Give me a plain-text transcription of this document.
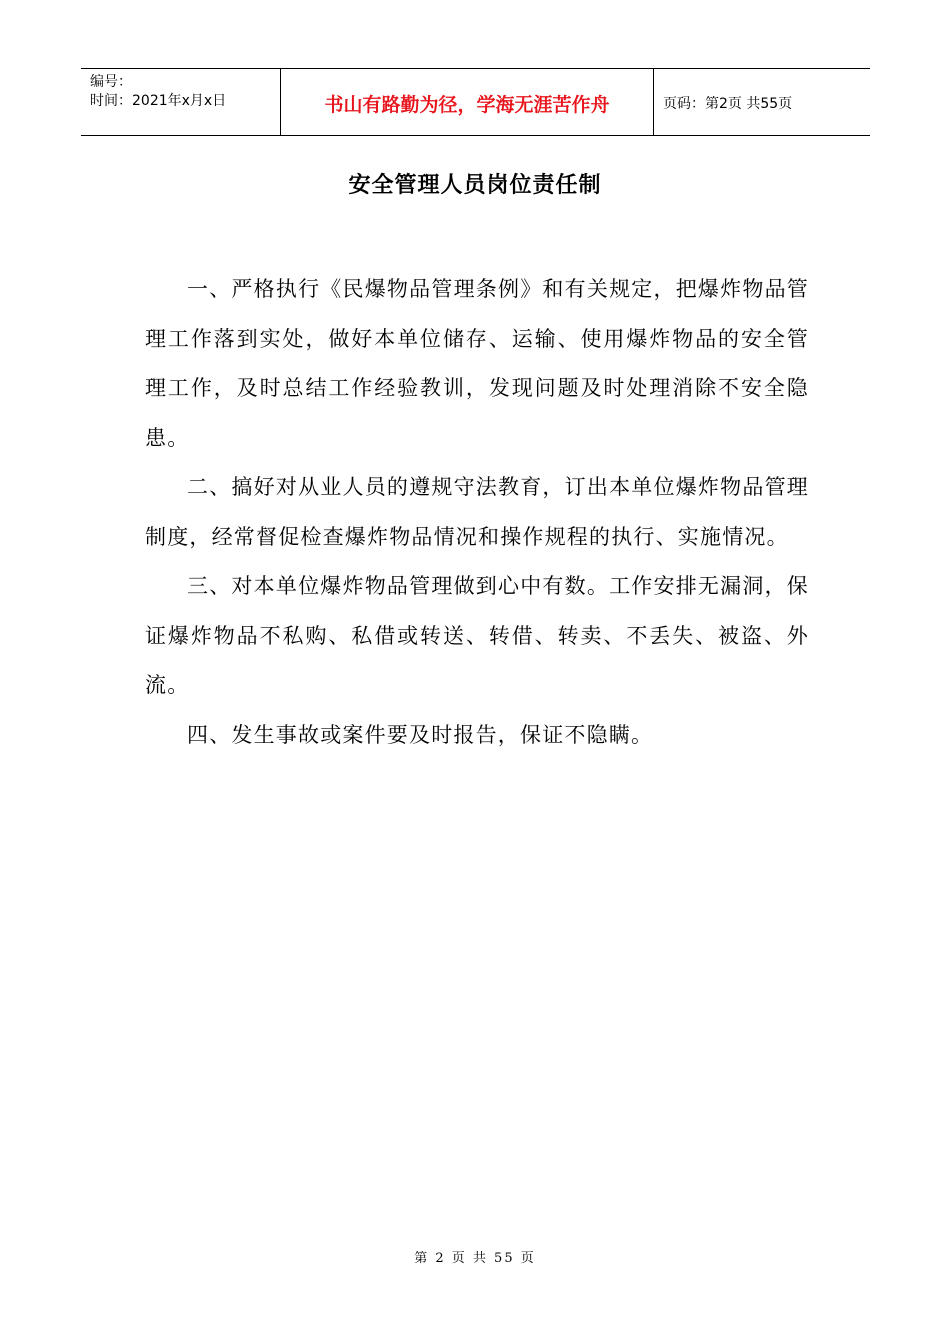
编号：
时间：2021年x月x日	书山有路勤为径，学海无涯苦作舟	页码：第2页 共55页
安全管理人员岗位责任制

一、严格执行《民爆物品管理条例》和有关规定，把爆炸物品管理工作落到实处，做好本单位储存、运输、使用爆炸物品的安全管理工作，及时总结工作经验教训，发现问题及时处理消除不安全隐患。

二、搞好对从业人员的遵规守法教育，订出本单位爆炸物品管理制度，经常督促检查爆炸物品情况和操作规程的执行、实施情况。

三、对本单位爆炸物品管理做到心中有数。工作安排无漏洞，保证爆炸物品不私购、私借或转送、转借、转卖、不丢失、被盗、外流。

四、发生事故或案件要及时报告，保证不隐瞒。

第 2 页 共 55 页
